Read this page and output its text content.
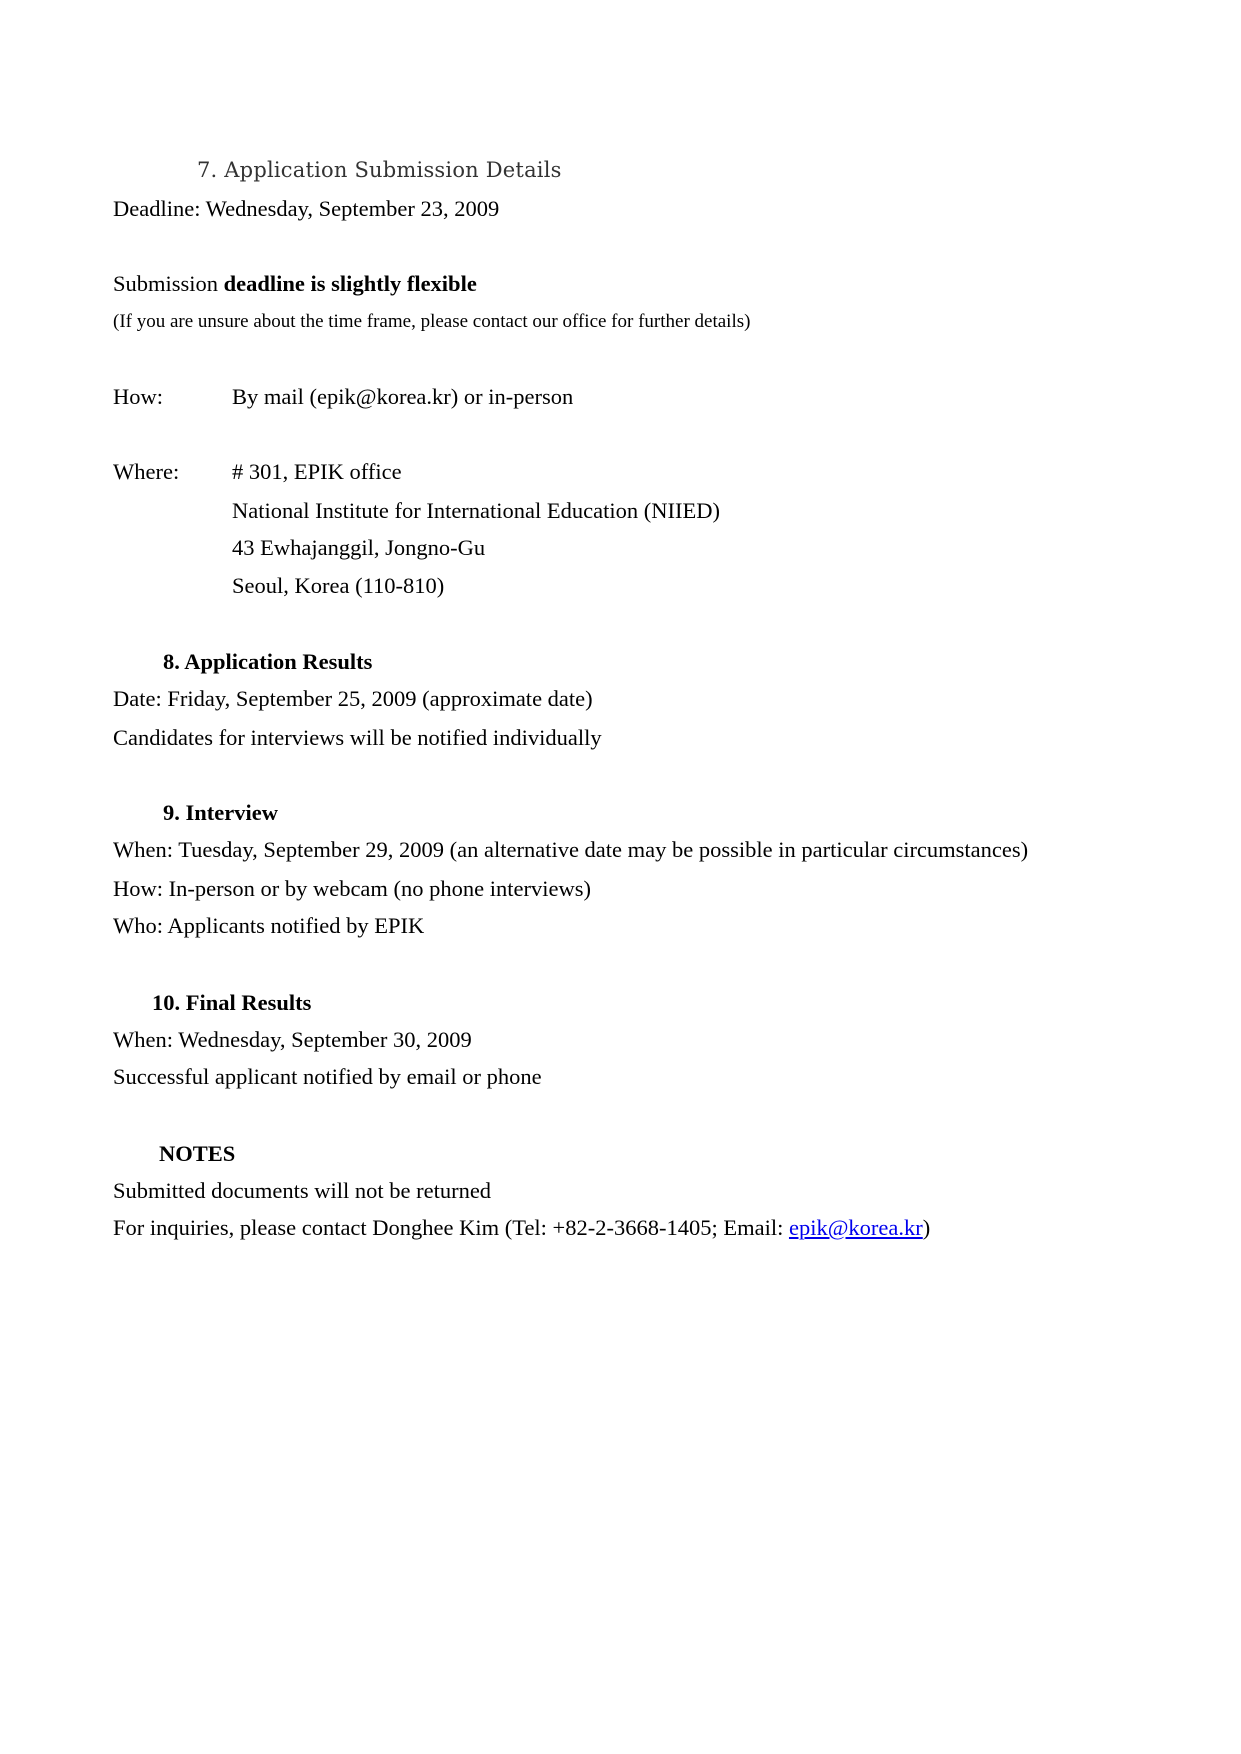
7. Application Submission Details
Deadline: Wednesday, September 23, 2009
Submission deadline is slightly flexible
(If you are unsure about the time frame, please contact our office for further details)
How:	By mail (epik@korea.kr) or in-person
Where: # 301, EPIK office
National Institute for International Education (NIIED)
43 Ewhajanggil, Jongno-Gu
Seoul, Korea (110-810)
8. Application Results
Date: Friday, September 25, 2009 (approximate date)
Candidates for interviews will be notified individually
9. Interview
When: Tuesday, September 29, 2009 (an alternative date may be possible in particular circumstances)
How: In-person or by webcam (no phone interviews)
Who: Applicants notified by EPIK
10. Final Results
When: Wednesday, September 30, 2009
Successful applicant notified by email or phone
NOTES
Submitted documents will not be returned
For inquiries, please contact Donghee Kim (Tel: +82-2-3668-1405; Email: epik@korea.kr)
